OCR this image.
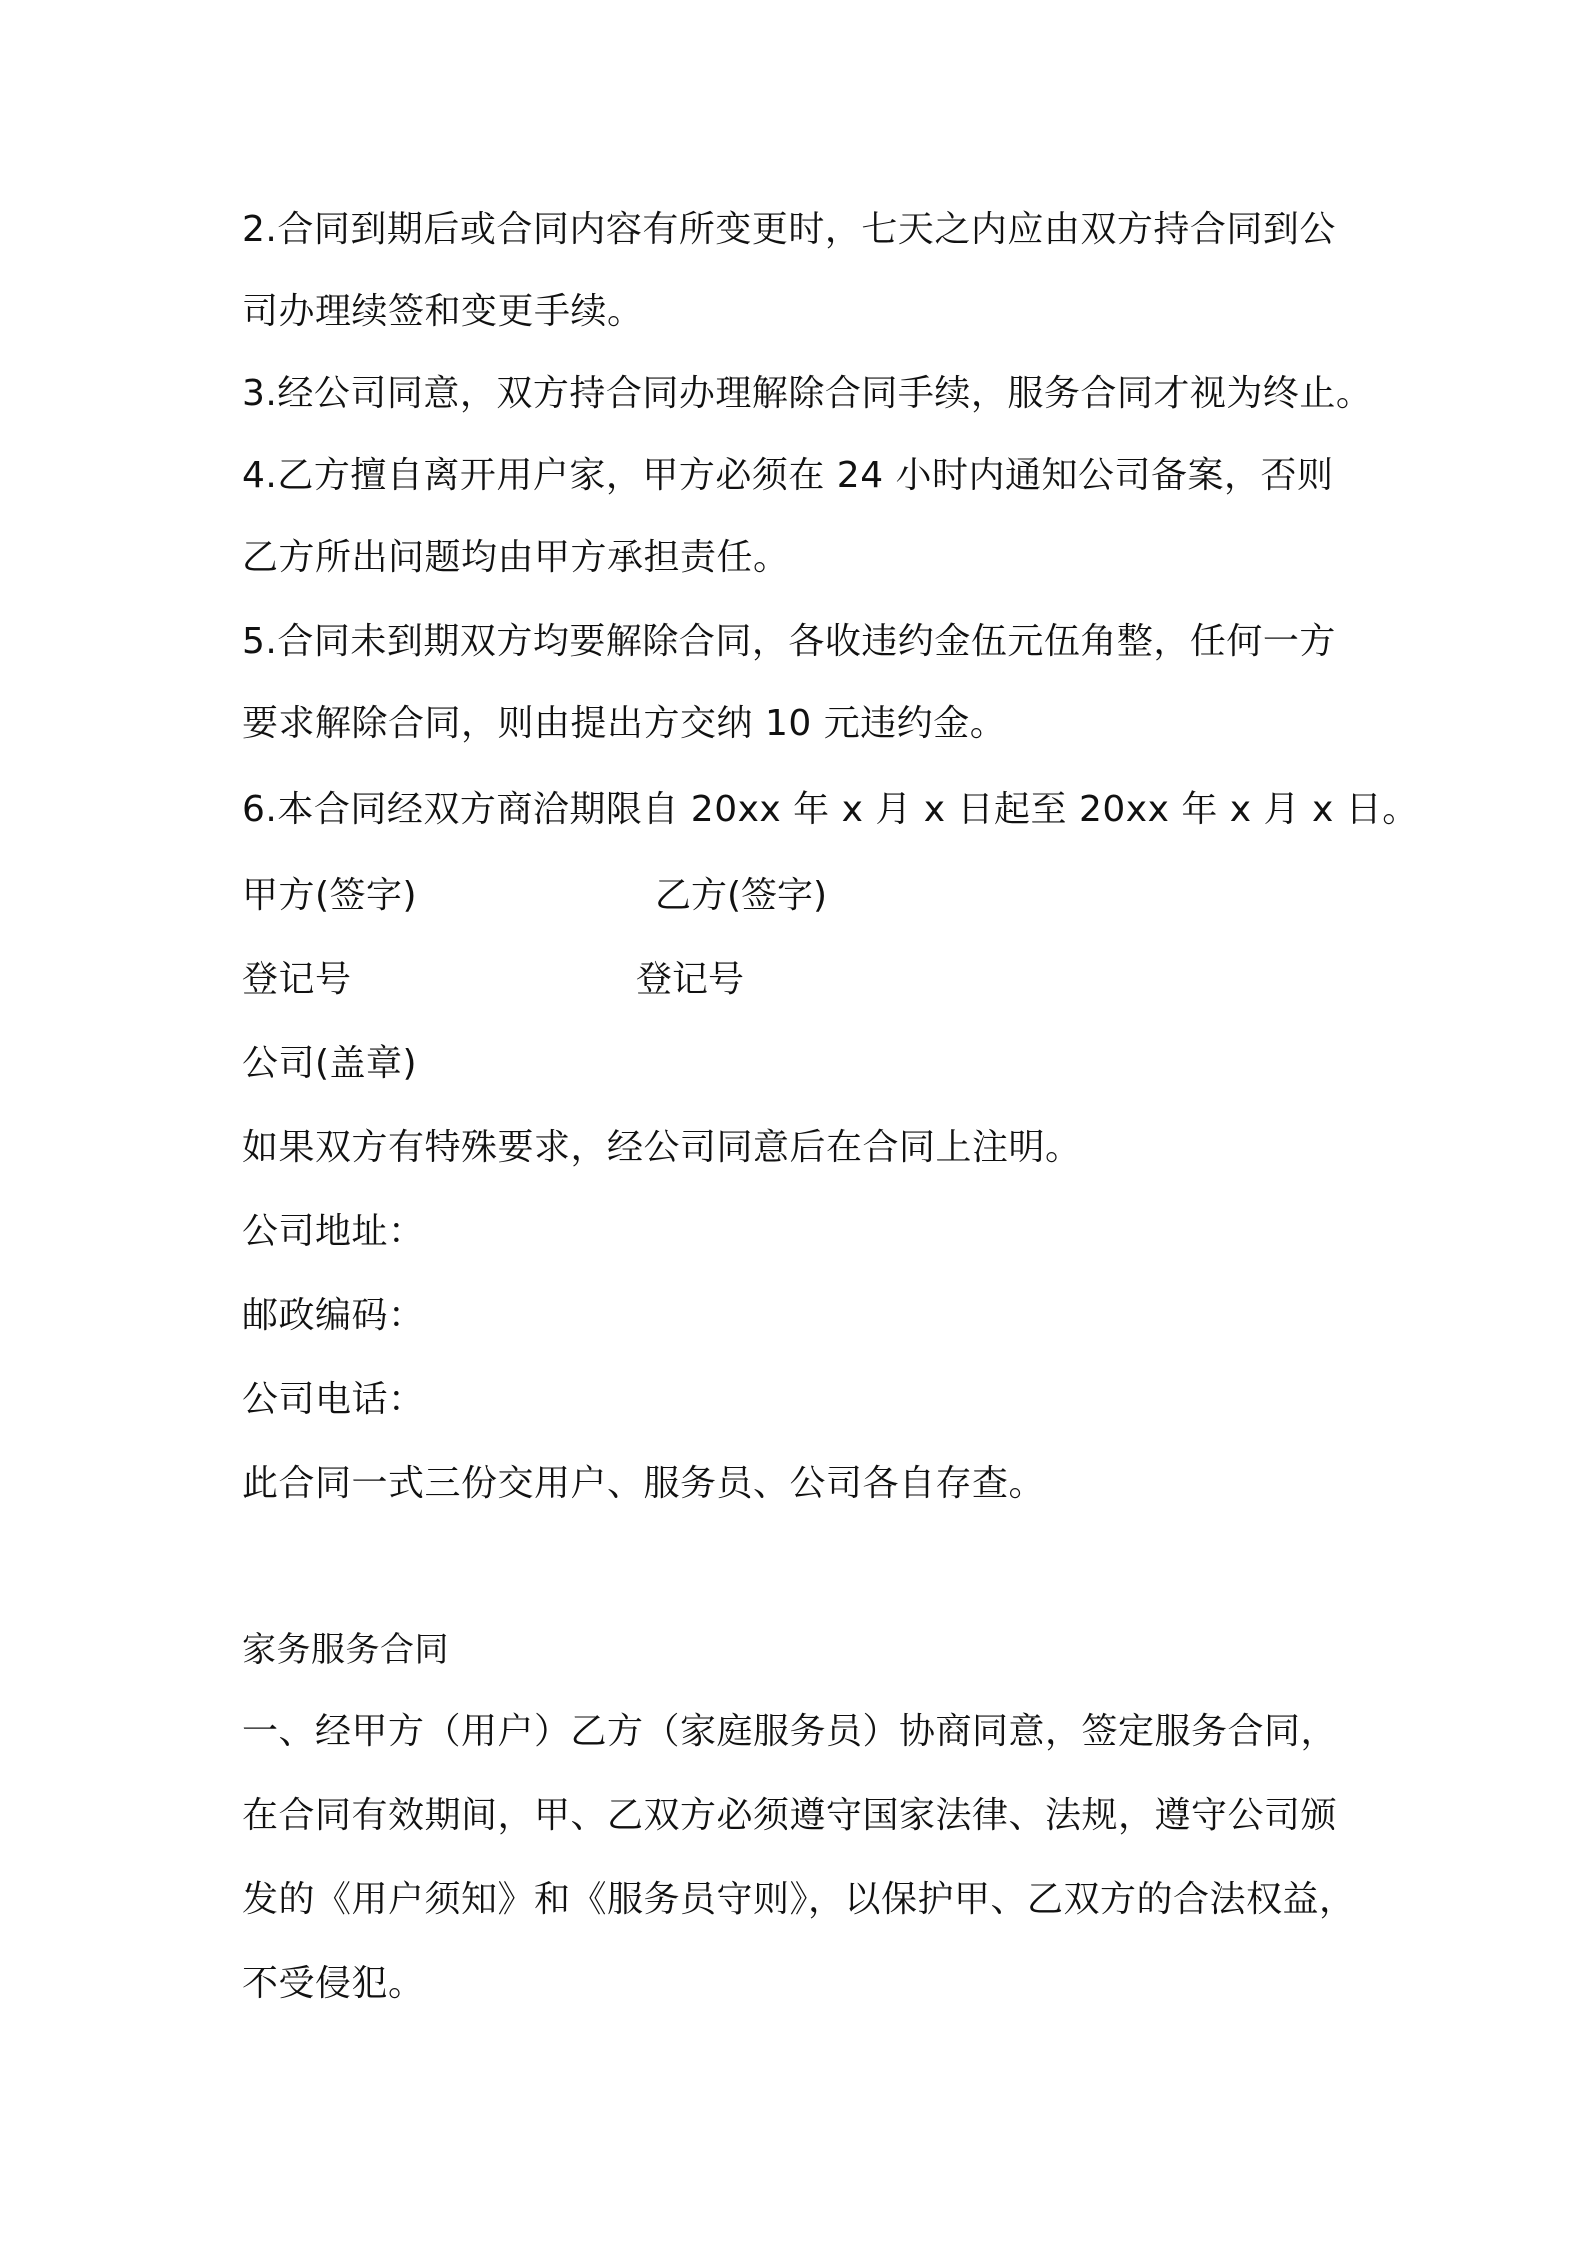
2.合同到期后或合同内容有所变更时，七天之内应由双方持合同到公
司办理续签和变更手续。
3.经公司同意，双方持合同办理解除合同手续，服务合同才视为终止。
4.乙方擅自离开用户家，甲方必须在 24 小时内通知公司备案，否则
乙方所出问题均由甲方承担责任。
5.合同未到期双方均要解除合同，各收违约金伍元伍角整，任何一方
要求解除合同，则由提出方交纳 10 元违约金。
6.本合同经双方商洽期限自 20xx 年 x 月 x 日起至 20xx 年 x 月 x 日。
甲方(签字)	乙方(签字)
登记号	登记号
公司(盖章)
如果双方有特殊要求，经公司同意后在合同上注明。
公司地址：
邮政编码：
公司电话：
此合同一式三份交用户、服务员、公司各自存查。
家务服务合同
一、经甲方（用户）乙方（家庭服务员）协商同意，签定服务合同，
在合同有效期间，甲、乙双方必须遵守国家法律、法规，遵守公司颁
发的《用户须知》和《服务员守则》，以保护甲、乙双方的合法权益，
不受侵犯。
